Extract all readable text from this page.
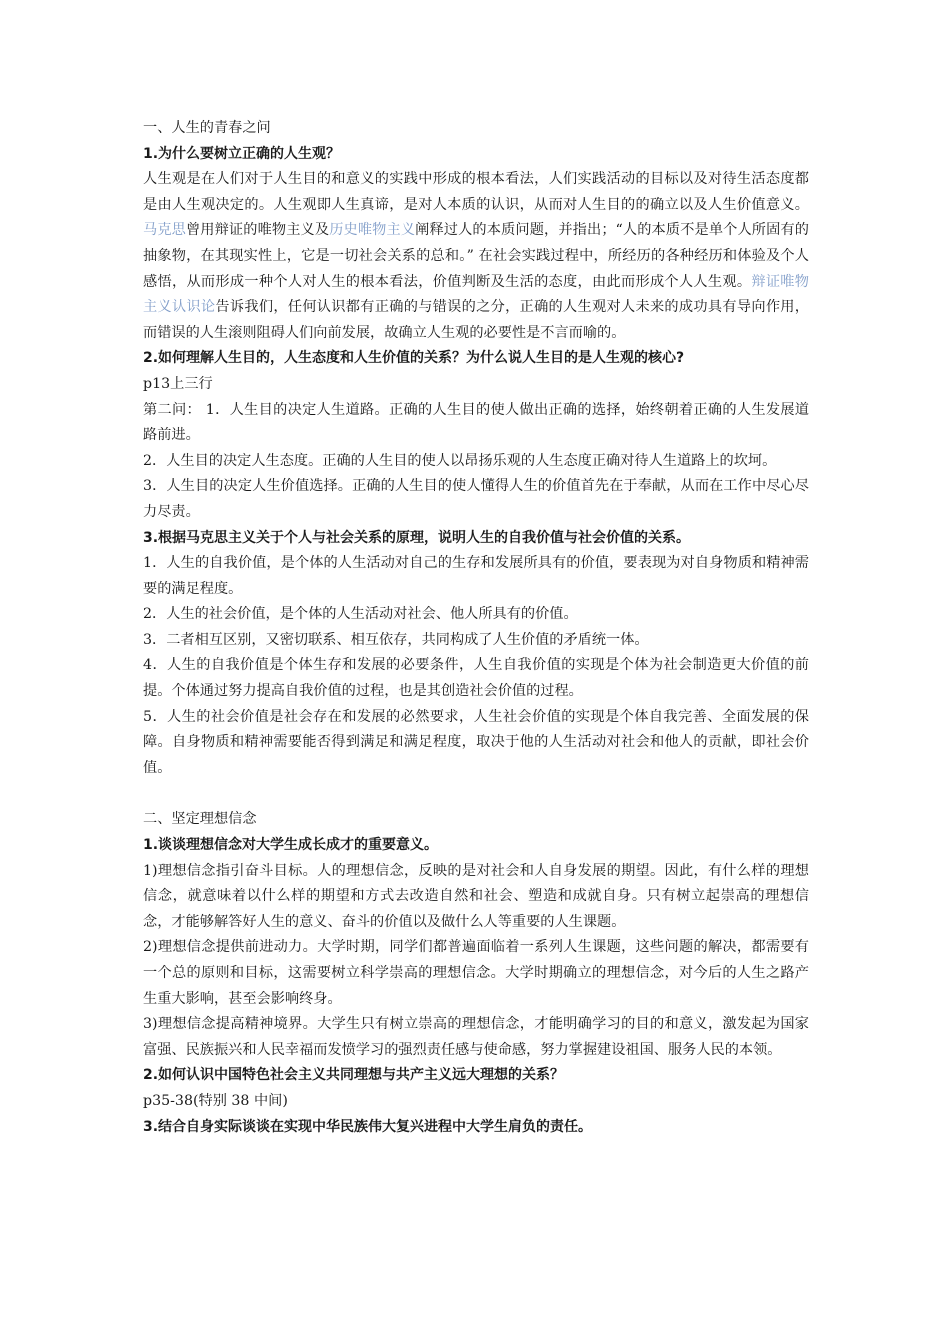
一、人生的青春之问

1.为什么要树立正确的人生观？

人生观是在人们对于人生目的和意义的实践中形成的根本看法，人们实践活动的目标以及对待生活态度都是由人生观决定的。人生观即人生真谛，是对人本质的认识，从而对人生目的的确立以及人生价值意义。马克思曾用辩证的唯物主义及历史唯物主义阐释过人的本质问题，并指出；“人的本质不是单个人所固有的抽象物，在其现实性上，它是一切社会关系的总和。” 在社会实践过程中，所经历的各种经历和体验及个人感悟，从而形成一种个人对人生的根本看法，价值判断及生活的态度，由此而形成个人人生观。辩证唯物主义认识论告诉我们，任何认识都有正确的与错误的之分，正确的人生观对人未来的成功具有导向作用，而错误的人生滚则阻碍人们向前发展，故确立人生观的必要性是不言而喻的。

2.如何理解人生目的，人生态度和人生价值的关系？为什么说人生目的是人生观的核心?

p13上三行

第二问： 1．人生目的决定人生道路。正确的人生目的使人做出正确的选择，始终朝着正确的人生发展道路前进。

2．人生目的决定人生态度。正确的人生目的使人以昂扬乐观的人生态度正确对待人生道路上的坎坷。

3．人生目的决定人生价值选择。正确的人生目的使人懂得人生的价值首先在于奉献，从而在工作中尽心尽力尽责。

3.根据马克思主义关于个人与社会关系的原理，说明人生的自我价值与社会价值的关系。

1．人生的自我价值，是个体的人生活动对自己的生存和发展所具有的价值，要表现为对自身物质和精神需要的满足程度。

2．人生的社会价值，是个体的人生活动对社会、他人所具有的价值。

3．二者相互区别，又密切联系、相互依存，共同构成了人生价值的矛盾统一体。

4．人生的自我价值是个体生存和发展的必要条件，人生自我价值的实现是个体为社会制造更大价值的前提。个体通过努力提高自我价值的过程，也是其创造社会价值的过程。

5．人生的社会价值是社会存在和发展的必然要求，人生社会价值的实现是个体自我完善、全面发展的保障。自身物质和精神需要能否得到满足和满足程度，取决于他的人生活动对社会和他人的贡献，即社会价值。

二、坚定理想信念

1.谈谈理想信念对大学生成长成才的重要意义。

1)理想信念指引奋斗目标。人的理想信念，反映的是对社会和人自身发展的期望。因此，有什么样的理想信念，就意味着以什么样的期望和方式去改造自然和社会、塑造和成就自身。只有树立起崇高的理想信念，才能够解答好人生的意义、奋斗的价值以及做什么人等重要的人生课题。

2)理想信念提供前进动力。大学时期，同学们都普遍面临着一系列人生课题，这些问题的解决，都需要有一个总的原则和目标，这需要树立科学崇高的理想信念。大学时期确立的理想信念，对今后的人生之路产生重大影响，甚至会影响终身。

3)理想信念提高精神境界。大学生只有树立崇高的理想信念，才能明确学习的目的和意义，激发起为国家富强、民族振兴和人民幸福而发愤学习的强烈责任感与使命感，努力掌握建设祖国、服务人民的本领。

2.如何认识中国特色社会主义共同理想与共产主义远大理想的关系？

p35-38(特别 38 中间)

3.结合自身实际谈谈在实现中华民族伟大复兴进程中大学生肩负的责任。
